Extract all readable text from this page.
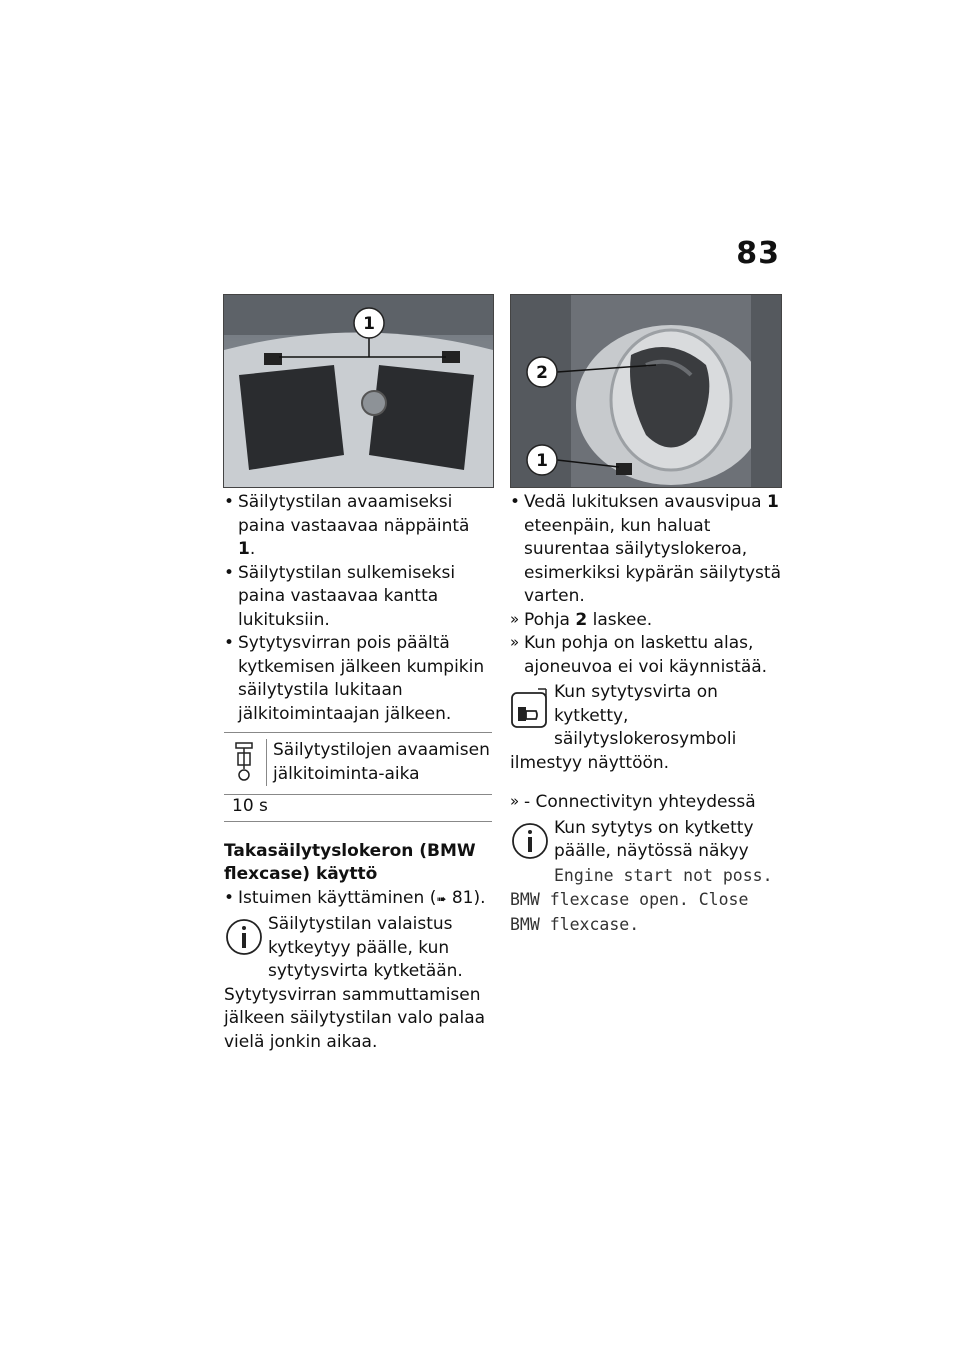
83
1
2
1
• Säilytystilan avaamiseksi paina vastaavaa näppäintä 1.
• Säilytystilan sulkemiseksi paina vastaavaa kantta lukituksiin.
• Sytytysvirran pois päältä kytkemisen jälkeen kumpikin säilytystila lukitaan jälkitoimintaajan jälkeen.
Säilytystilojen avaamisen jälkitoiminta-aika
10 s
Takasäilytyslokeron (BMW flexcase) käyttö
• Istuimen käyttäminen (➠ 81).
Säilytystilan valaistus kytkeytyy päälle, kun sytytysvirta kytketään.
Sytytysvirran sammuttamisen jälkeen säilytystilan valo palaa vielä jonkin aikaa.
• Vedä lukituksen avausvipua 1 eteenpäin, kun haluat suurentaa säilytyslokeroa, esimerkiksi kypärän säilytystä varten.
» Pohja 2 laskee.
» Kun pohja on laskettu alas, ajoneuvoa ei voi käynnistää.
Kun sytytysvirta on kytketty, säilytyslokerosymboli ilmestyy näyttöön.
» - Connectivityn yhteydessä
Kun sytytys on kytketty päälle, näytössä näkyy Engine start not poss. BMW flexcase open. Close BMW flexcase.
